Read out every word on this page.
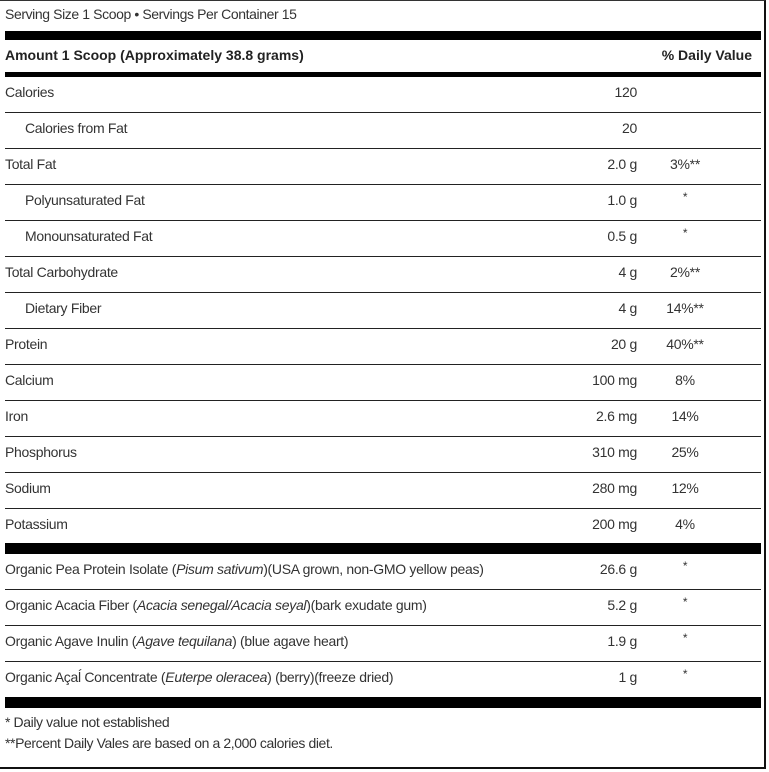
Serving Size 1 Scoop • Servings Per Container 15
Amount 1 Scoop (Approximately 38.8 grams)	% Daily Value
Calories	120
Calories from Fat	20
Total Fat	2.0 g 3%**
Polyunsaturated Fat	1.0 g	*
Monounsaturated Fat	0.5 g	*
Total Carbohydrate	4 g 2%**
Dietary Fiber	4 g 14%**
Protein	20 g 40%**
Calcium	100 mg	8%
Iron	2.6 mg 14%
Phosphorus	310 mg 25%
Sodium	280 mg 12%
Potassium	200 mg	4%
Organic Pea Protein Isolate (Pisum sativum)(USA grown, non-GMO yellow peas)	26.6 g	*
Organic Acacia Fiber (Acacia senegal/Acacia seyal)(bark exudate gum)	5.2 g	*
Organic Agave Inulin (Agave tequilana) (blue agave heart)	1.9 g	*
Organic Açaĺ Concentrate (Euterpe oleracea) (berry)(freeze dried)	1 g	*
* Daily value not established
**Percent Daily Vales are based on a 2,000 calories diet.
